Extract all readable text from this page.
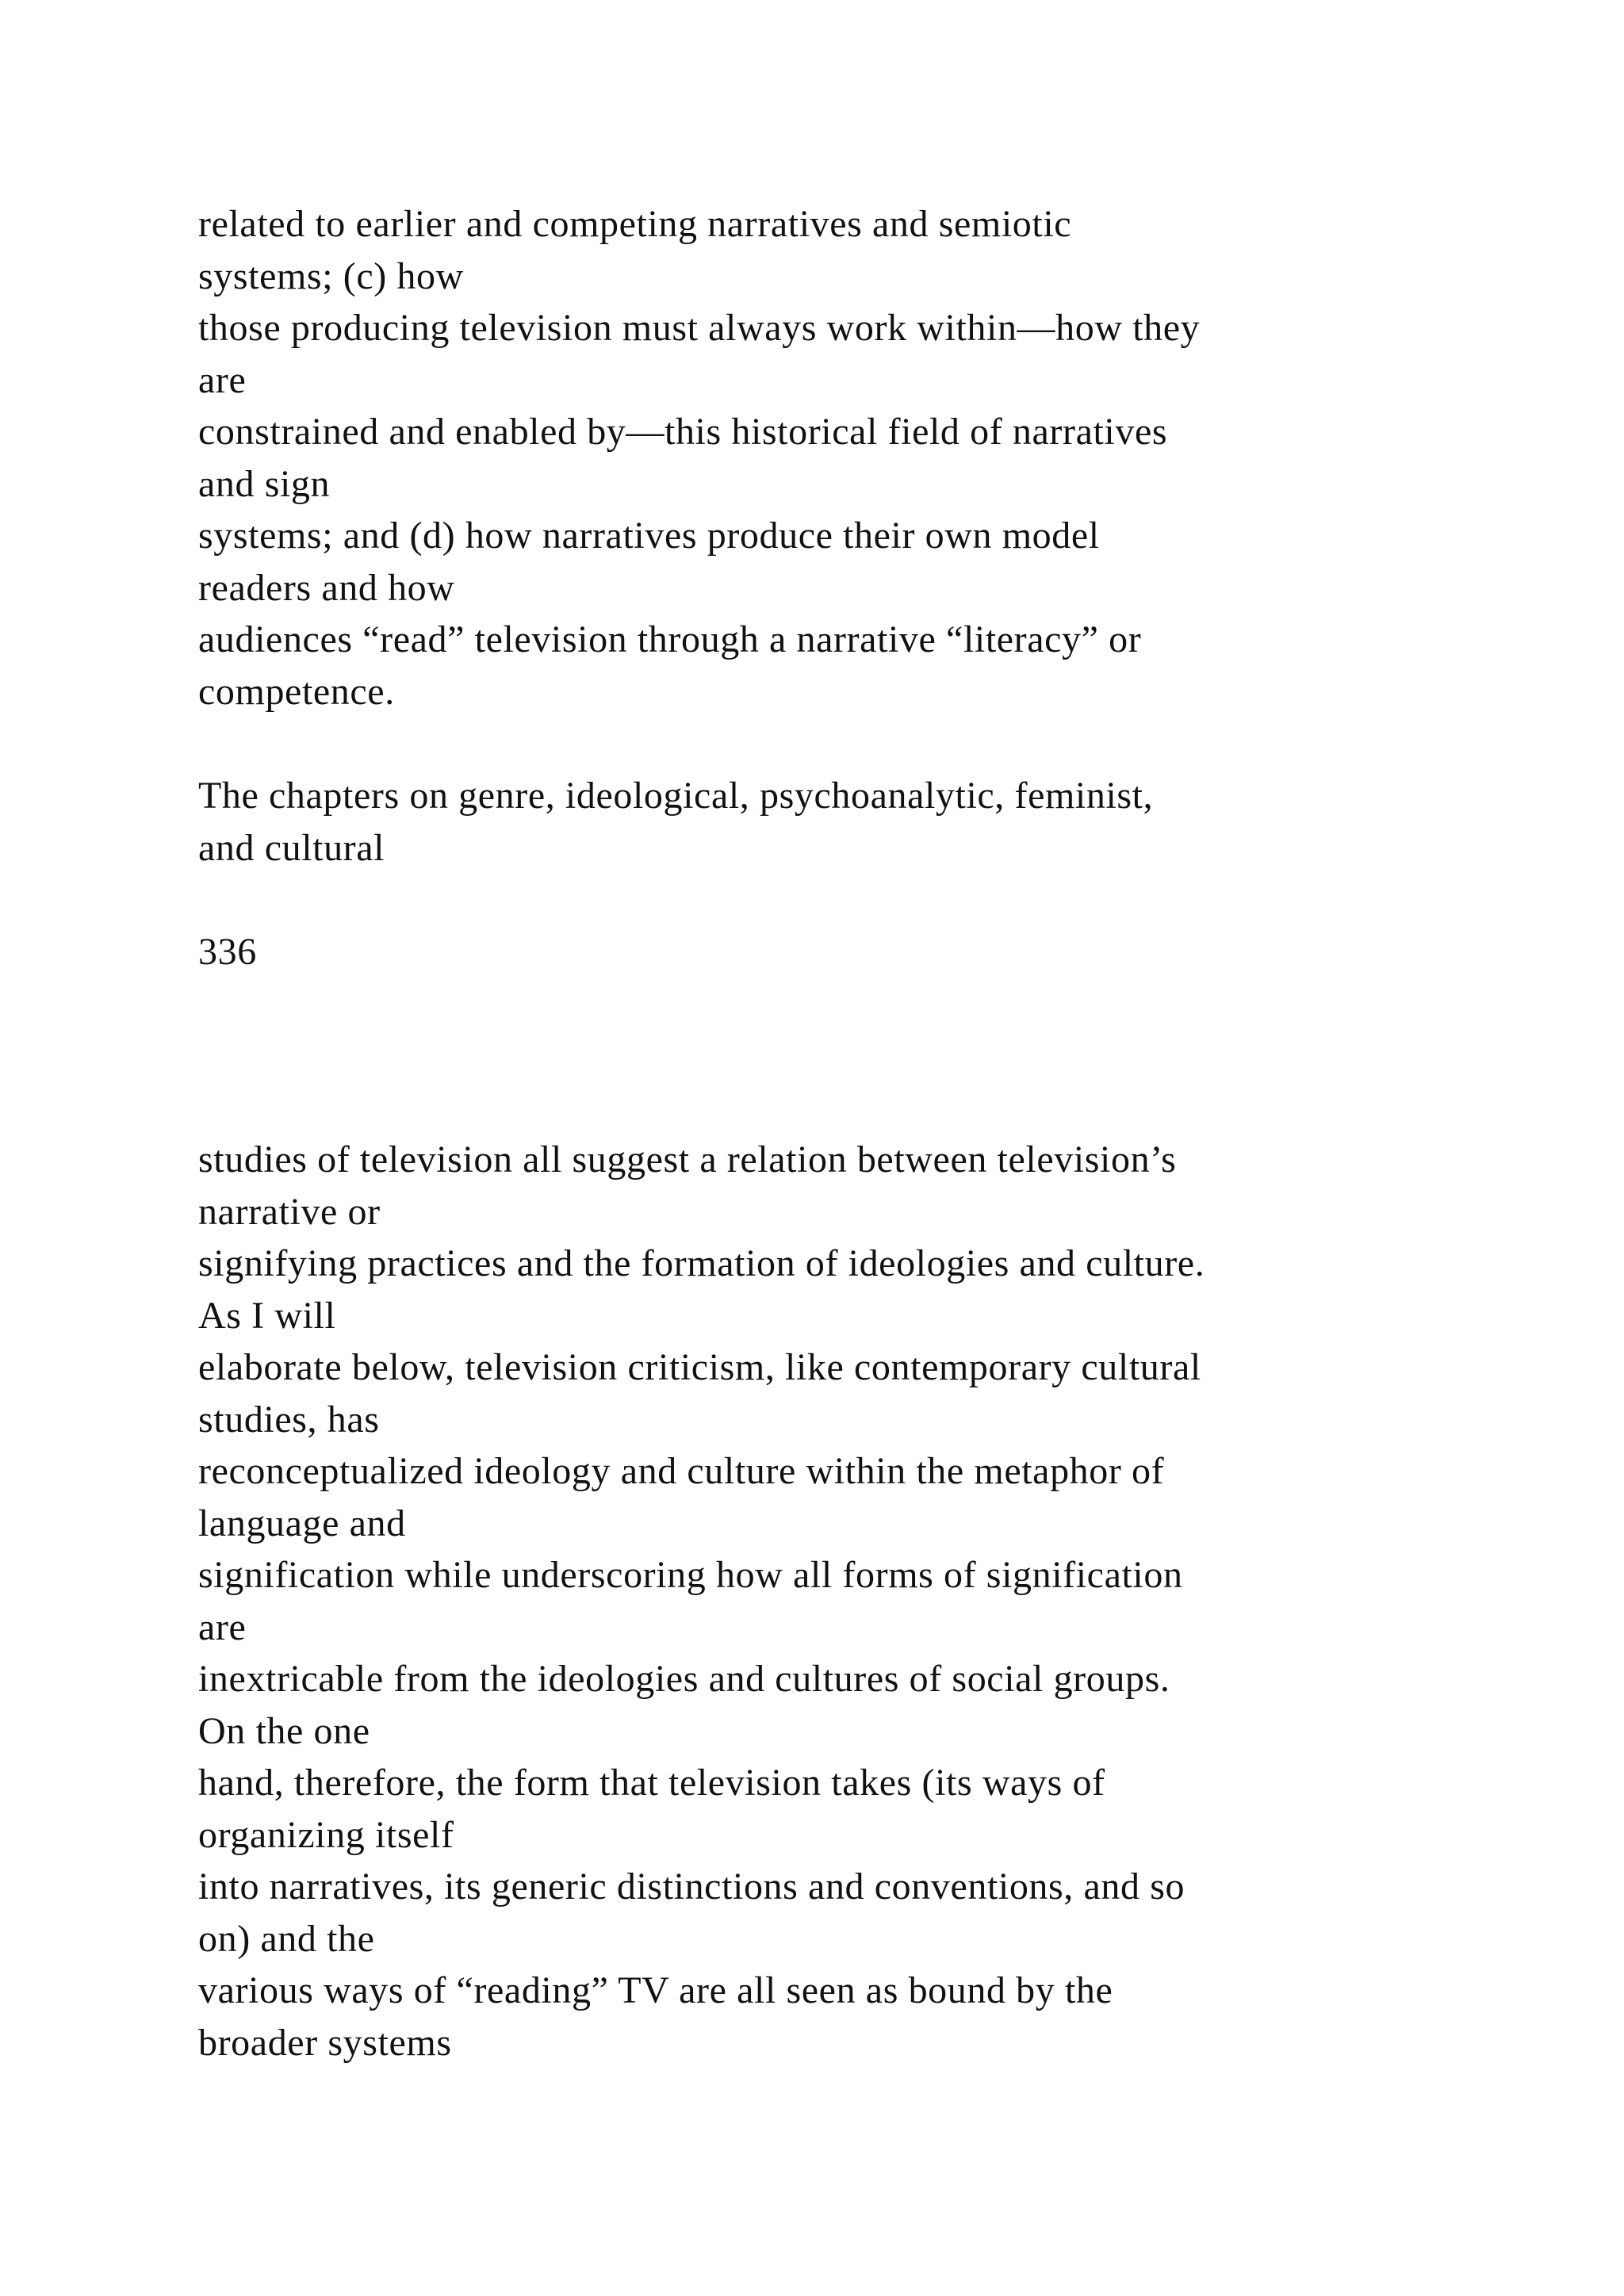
related to earlier and competing narratives and semiotic
systems; (c) how
those producing television must always work within—how they
are
constrained and enabled by—this historical field of narratives
and sign
systems; and (d) how narratives produce their own model
readers and how
audiences “read” television through a narrative “literacy” or
competence.
The chapters on genre, ideological, psychoanalytic, feminist,
and cultural
336
studies of television all suggest a relation between television’s
narrative or
signifying practices and the formation of ideologies and culture.
As I will
elaborate below, television criticism, like contemporary cultural
studies, has
reconceptualized ideology and culture within the metaphor of
language and
signification while underscoring how all forms of signification
are
inextricable from the ideologies and cultures of social groups.
On the one
hand, therefore, the form that television takes (its ways of
organizing itself
into narratives, its generic distinctions and conventions, and so
on) and the
various ways of “reading” TV are all seen as bound by the
broader systems
